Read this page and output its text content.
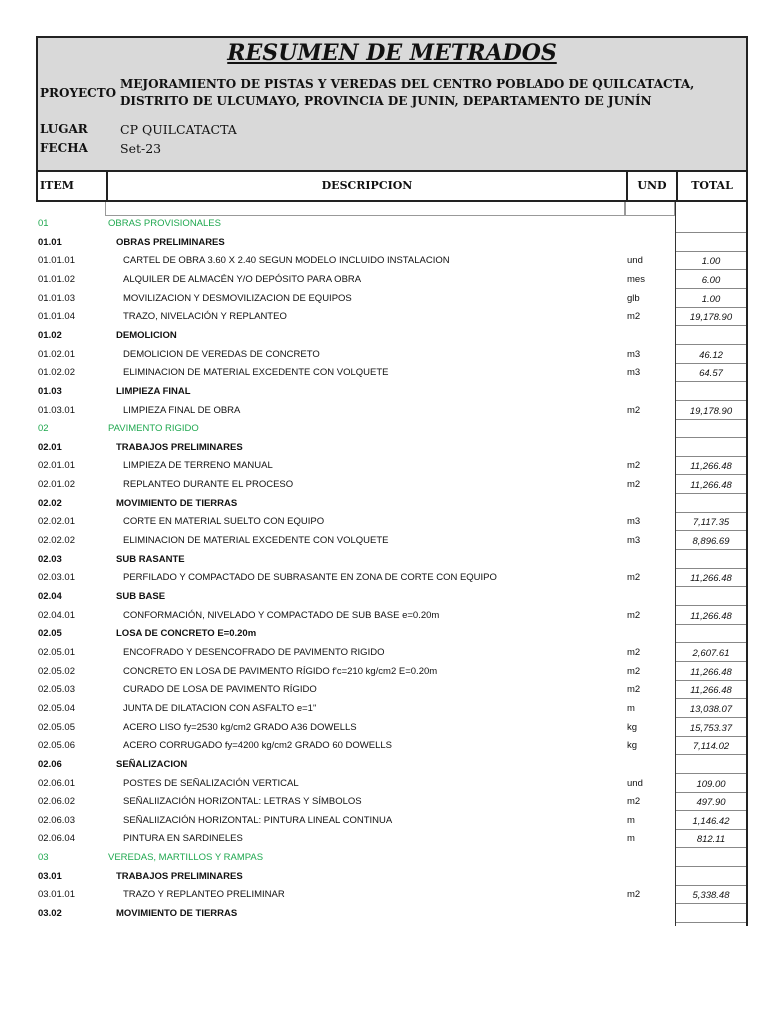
RESUMEN DE METRADOS
PROYECTO
MEJORAMIENTO DE PISTAS Y VEREDAS DEL CENTRO POBLADO DE QUILCATACTA, DISTRITO DE ULCUMAYO, PROVINCIA DE JUNIN, DEPARTAMENTO DE JUNÍN
LUGAR	CP QUILCATACTA
FECHA	Set-23
ITEM	DESCRIPCION	UND	TOTAL
01	OBRAS PROVISIONALES
01.01	OBRAS PRELIMINARES
01.01.01	CARTEL DE OBRA 3.60 X 2.40 SEGUN MODELO INCLUIDO INSTALACION	und	1.00
01.01.02	ALQUILER DE ALMACÉN Y/O DEPÓSITO PARA OBRA	mes	6.00
01.01.03	MOVILIZACION Y DESMOVILIZACION DE EQUIPOS	glb	1.00
01.01.04	TRAZO, NIVELACIÓN Y REPLANTEO	m2	19,178.90
01.02	DEMOLICION
01.02.01	DEMOLICION DE VEREDAS DE CONCRETO	m3	46.12
01.02.02	ELIMINACION DE MATERIAL EXCEDENTE CON VOLQUETE	m3	64.57
01.03	LIMPIEZA FINAL
01.03.01	LIMPIEZA FINAL DE OBRA	m2	19,178.90
02	PAVIMENTO RIGIDO
02.01	TRABAJOS PRELIMINARES
02.01.01	LIMPIEZA DE TERRENO MANUAL	m2	11,266.48
02.01.02	REPLANTEO DURANTE EL PROCESO	m2	11,266.48
02.02	MOVIMIENTO DE TIERRAS
02.02.01	CORTE EN MATERIAL SUELTO CON EQUIPO	m3	7,117.35
02.02.02	ELIMINACION DE MATERIAL EXCEDENTE CON VOLQUETE	m3	8,896.69
02.03	SUB RASANTE
02.03.01	PERFILADO Y COMPACTADO DE SUBRASANTE EN ZONA DE CORTE CON EQUIPO	m2	11,266.48
02.04	SUB BASE
02.04.01	CONFORMACIÓN, NIVELADO Y COMPACTADO DE SUB BASE e=0.20m	m2	11,266.48
02.05	LOSA DE CONCRETO E=0.20m
02.05.01	ENCOFRADO Y DESENCOFRADO DE PAVIMENTO RIGIDO	m2	2,607.61
02.05.02	CONCRETO EN LOSA DE PAVIMENTO RÍGIDO f'c=210 kg/cm2 E=0.20m	m2	11,266.48
02.05.03	CURADO DE LOSA DE PAVIMENTO RÍGIDO	m2	11,266.48
02.05.04	JUNTA DE DILATACION CON ASFALTO e=1"	m	13,038.07
02.05.05	ACERO LISO fy=2530 kg/cm2 GRADO A36 DOWELLS	kg	15,753.37
02.05.06	ACERO CORRUGADO fy=4200 kg/cm2 GRADO 60 DOWELLS	kg	7,114.02
02.06	SEÑALIZACION
02.06.01	POSTES DE SEÑALIZACIÓN VERTICAL	und	109.00
02.06.02	SEÑALIIZACIÓN HORIZONTAL: LETRAS Y SÍMBOLOS	m2	497.90
02.06.03	SEÑALIIZACIÓN HORIZONTAL: PINTURA LINEAL CONTINUA	m	1,146.42
02.06.04	PINTURA EN SARDINELES	m	812.11
03	VEREDAS, MARTILLOS Y RAMPAS
03.01	TRABAJOS PRELIMINARES
03.01.01	TRAZO Y REPLANTEO PRELIMINAR	m2	5,338.48
03.02	MOVIMIENTO DE TIERRAS
